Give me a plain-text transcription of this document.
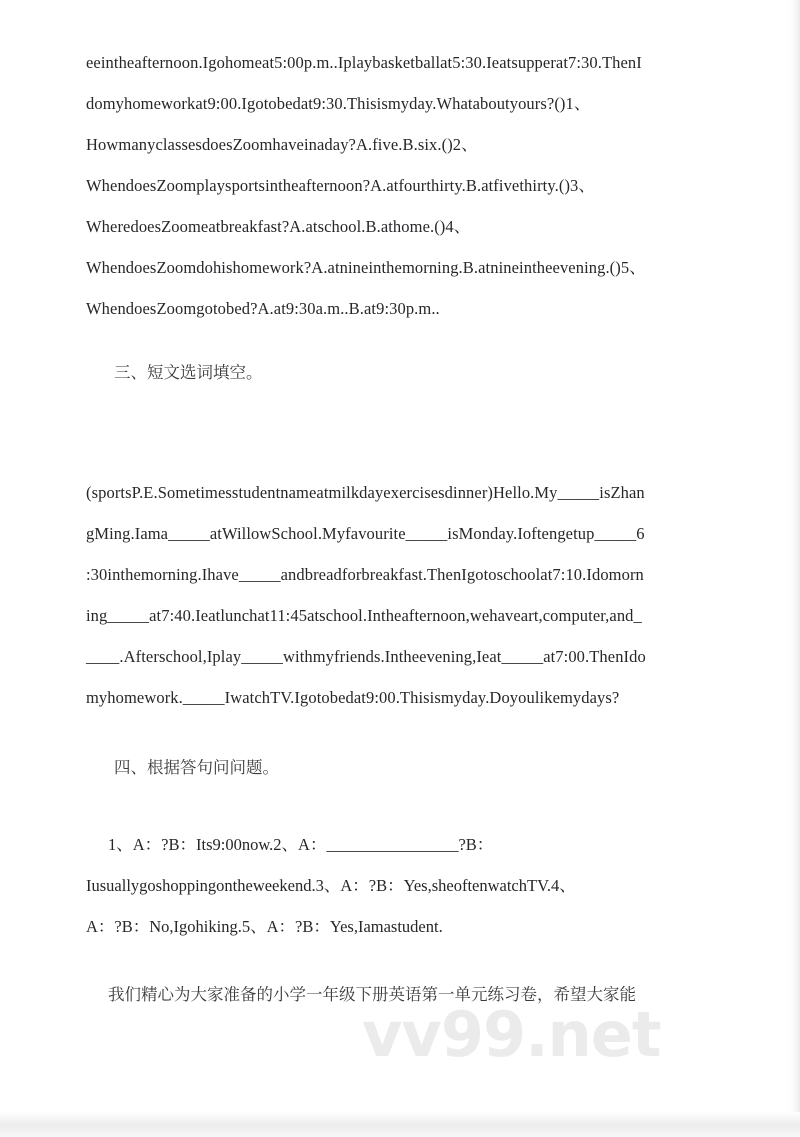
vv99.net

eeintheafternoon.Igohomeat5:00p.m..Iplaybasketballat5:30.Ieatsupperat7:30.ThenI

domyhomeworkat9:00.Igotobedat9:30.Thisismyday.Whataboutyours?()1、

HowmanyclassesdoesZoomhaveinaday?A.five.B.six.()2、

WhendoesZoomplaysportsintheafternoon?A.atfourthirty.B.atfivethirty.()3、

WheredoesZoomeatbreakfast?A.atschool.B.athome.()4、

WhendoesZoomdohishomework?A.atnineinthemorning.B.atnineintheevening.()5、

WhendoesZoomgotobed?A.at9:30a.m..B.at9:30p.m..

三、短文选词填空。

(sportsP.E.Sometimesstudentnameatmilkdayexercisesdinner)Hello.My_____isZhan

gMing.Iama_____atWillowSchool.Myfavourite_____isMonday.Ioftengetup_____6

:30inthemorning.Ihave_____andbreadforbreakfast.ThenIgotoschoolat7:10.Idomorn

ing_____at7:40.Ieatlunchat11:45atschool.Intheafternoon,wehaveart,computer,and_

____.Afterschool,Iplay_____withmyfriends.Intheevening,Ieat_____at7:00.ThenIdo

myhomework._____IwatchTV.Igotobedat9:00.Thisismyday.Doyoulikemydays?

四、根据答句问问题。

1、A：?B：Its9:00now.2、A：________________?B：

Iusuallygoshoppingontheweekend.3、A：?B：Yes,sheoftenwatchTV.4、

A：?B：No,Igohiking.5、A：?B：Yes,Iamastudent.

我们精心为大家准备的小学一年级下册英语第一单元练习卷，希望大家能
